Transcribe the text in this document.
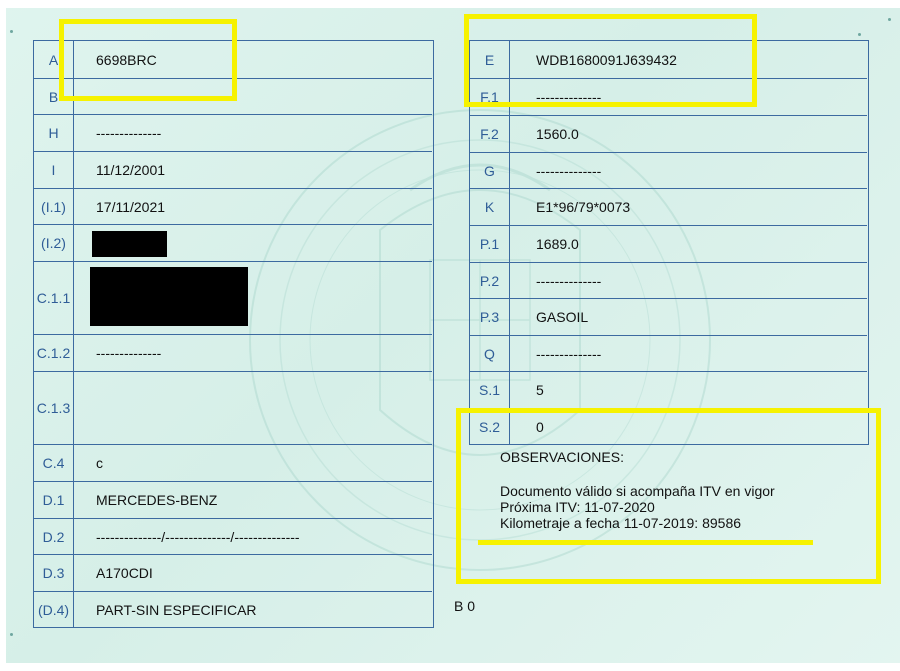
A	6698BRC
B
H	--------------
I	11/12/2001
(I.1)	17/11/2021
(I.2)
C.1.1
C.1.2 --------------
C.1.3
C.4	c
D.1	MERCEDES-BENZ
D.2	--------------/--------------/--------------
D.3	A170CDI
(D.4)	PART-SIN ESPECIFICAR
E	WDB1680091J639432
F.1	--------------
F.2	1560.0
G	--------------
K	E1*96/79*0073
P.1	1689.0
P.2	--------------
P.3	GASOIL
Q	--------------
S.1	5
S.2	0
OBSERVACIONES:
Documento válido si acompaña ITV en vigor
Próxima ITV: 11-07-2020
Kilometraje a fecha 11-07-2019: 89586
B 0
